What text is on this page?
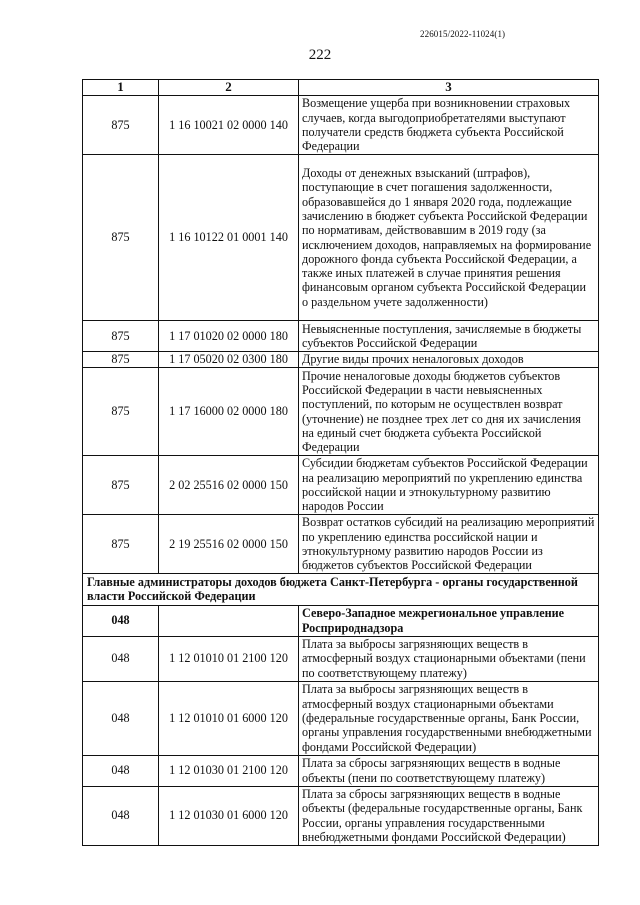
226015/2022-11024(1)
222
1	2	3
875	1 16 10021 02 0000 140	Возмещение ущерба при возникновении страховых случаев, когда выгодоприобретателями выступают получатели средств бюджета субъекта Российской Федерации
875	1 16 10122 01 0001 140	Доходы от денежных взысканий (штрафов), поступающие в счет погашения задолженности, образовавшейся до 1 января 2020 года, подлежащие зачислению в бюджет субъекта Российской Федерации по нормативам, действовавшим в 2019 году (за исключением доходов, направляемых на формирование дорожного фонда субъекта Российской Федерации, а также иных платежей в случае принятия решения финансовым органом субъекта Российской Федерации о раздельном учете задолженности)
875	1 17 01020 02 0000 180	Невыясненные поступления, зачисляемые в бюджеты субъектов Российской Федерации
875	1 17 05020 02 0300 180	Другие виды прочих неналоговых доходов
875	1 17 16000 02 0000 180	Прочие неналоговые доходы бюджетов субъектов Российской Федерации в части невыясненных поступлений, по которым не осуществлен возврат (уточнение) не позднее трех лет со дня их зачисления на единый счет бюджета субъекта Российской Федерации
875	2 02 25516 02 0000 150	Субсидии бюджетам субъектов Российской Федерации на реализацию мероприятий по укреплению единства российской нации и этнокультурному развитию народов России
875	2 19 25516 02 0000 150	Возврат остатков субсидий на реализацию мероприятий по укреплению единства российской нации и этнокультурному развитию народов России из бюджетов субъектов Российской Федерации
Главные администраторы доходов бюджета Санкт-Петербурга - органы государственной власти Российской Федерации		
048		Северо-Западное межрегиональное управление Росприроднадзора
048	1 12 01010 01 2100 120	Плата за выбросы загрязняющих веществ в атмосферный воздух стационарными объектами (пени по соответствующему платежу)
048	1 12 01010 01 6000 120	Плата за выбросы загрязняющих веществ в атмосферный воздух стационарными объектами (федеральные государственные органы, Банк России, органы управления государственными внебюджетными фондами Российской Федерации)
048	1 12 01030 01 2100 120	Плата за сбросы загрязняющих веществ в водные объекты (пени по соответствующему платежу)
048	1 12 01030 01 6000 120	Плата за сбросы загрязняющих веществ в водные объекты (федеральные государственные органы, Банк России, органы управления государственными внебюджетными фондами Российской Федерации)
